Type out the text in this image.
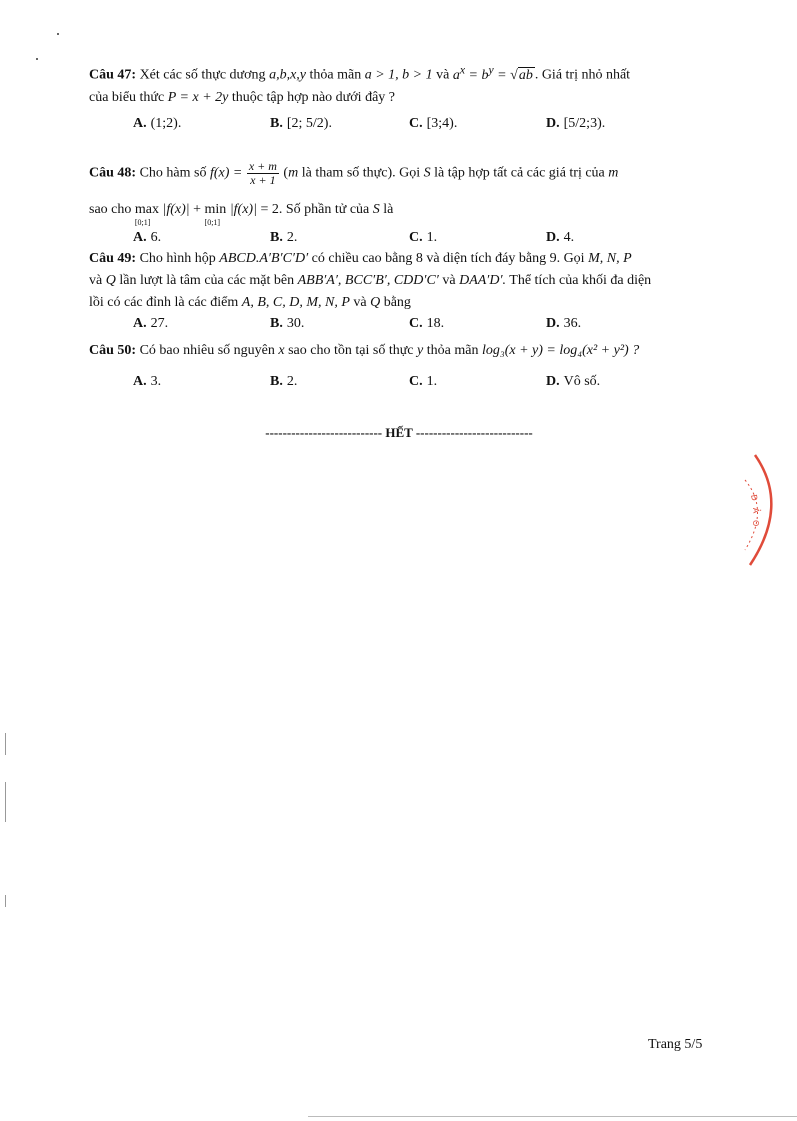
Câu 47: Xét các số thực dương a,b,x,y thỏa mãn a > 1, b > 1 và $a^x = b^y = √ab$ . Giá trị nhỏ nhất
của biểu thức P = x + 2y thuộc tập hợp nào dưới đây ?
A. (1;2).	B. [2; 5/2).	C. [3;4).	D. [5/2;3).
Câu 48: Cho hàm số $f(x) = \frac{x + m}{x + 1} (m$ là tham số thực). Gọi S là tập hợp tất cả các giá trị của m
sao cho max
[0;1]
|f(x)| + min
[0;1]
|f(x)| = 2. Số phần tử của S là
A. 6.	B. 2.	C. 1.	D. 4.
Câu 49: Cho hình hộp ABCD.A′B′C′D′ có chiều cao bằng 8 và diện tích đáy bằng 9. Gọi M, N, P
và Q lần lượt là tâm của các mặt bên ABB′A′, BCC′B′, CDD′C′ và DAA′D′. Thể tích của khối đa diện
lồi có các đỉnh là các điểm A, B, C, D, M, N, P và Q bằng
A. 27.	B. 30.	C. 18.	D. 36.
Câu 50: Có bao nhiêu số nguyên x sao cho tồn tại số thực y thỏa mãn log₃(x + y) = log₄(x² + y²) ?
A. 3.	B. 2.	C. 1.	D. Vô số.
--------------------------- HẾT ---------------------------
Đ
Ả
O
Trang 5/5
